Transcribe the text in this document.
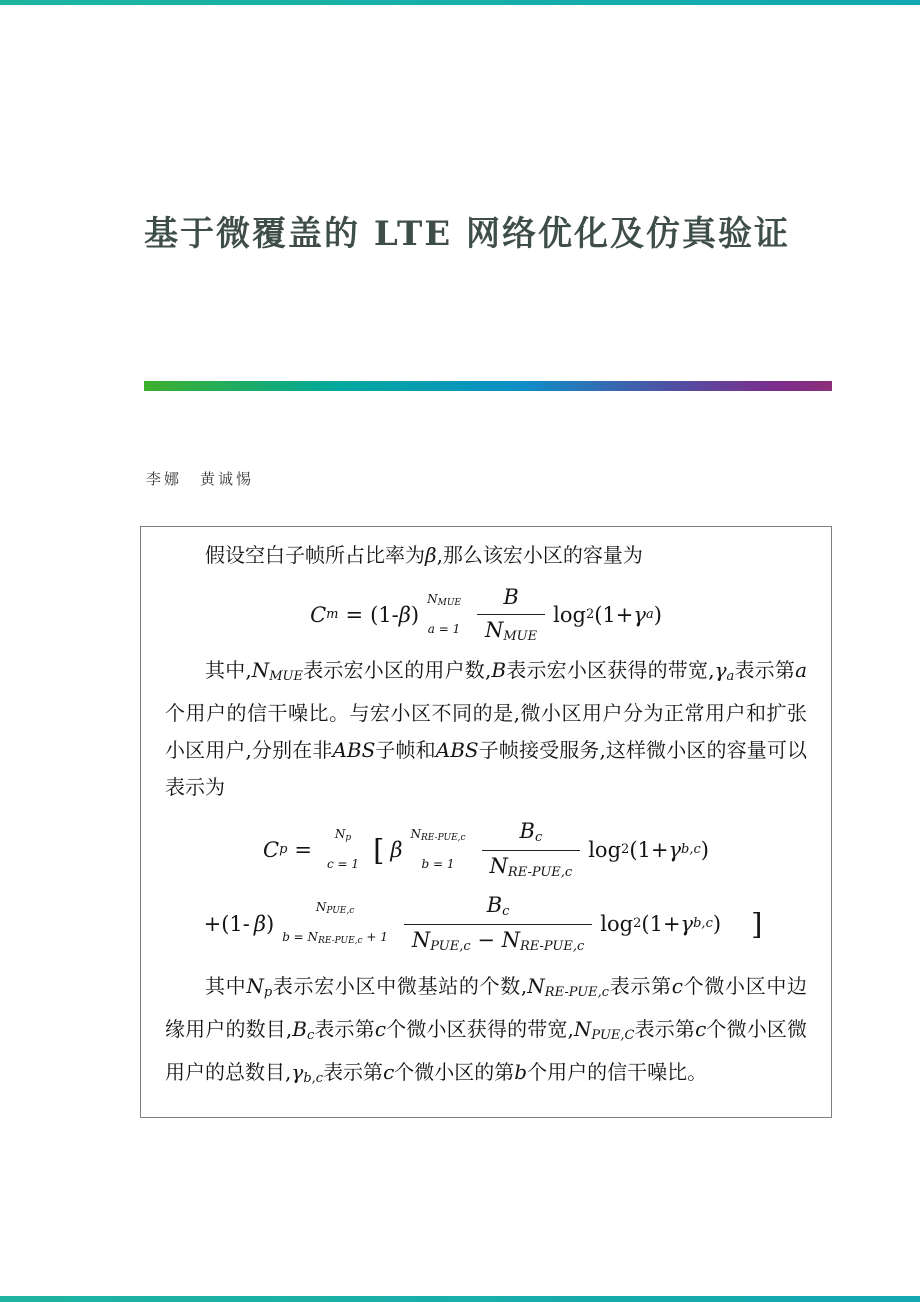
基于微覆盖的 LTE 网络优化及仿真验证
李娜　黄诚惕

假设空白子帧所占比率为β,那么该宏小区的容量为

C m = (1- β )
NMUE
$a = 1 \frac{B}{\text{NMUE}}$ log 2 (1+ γ a )

其中,NMUE表示宏小区的用户数,B表示宏小区获得的带宽,γa表示第a个用户的信干噪比。与宏小区不同的是,微小区用户分为正常用户和扩张小区用户,分别在非ABS子帧和ABS子帧接受服务,这样微小区的容量可以表示为

C p =
Np
c = 1 [ β
NRE-PUE,c
$b = 1 \frac{Bc}{\text{NRE-PUE,c}}$ log 2 (1+ γ b,c )
+(1- β )
NPUE,c
$b = NRE-PUE,c + 1 \frac{Bc}{\text{NPUE,c − NRE-PUE,c}}$ log 2 (1+ γ b,c ) ]

其中Np表示宏小区中微基站的个数,NRE-PUE,c表示第c个微小区中边缘用户的数目,Bc表示第c个微小区获得的带宽,NPUE,C表示第c个微小区微用户的总数目,γb,c表示第c个微小区的第b个用户的信干噪比。
